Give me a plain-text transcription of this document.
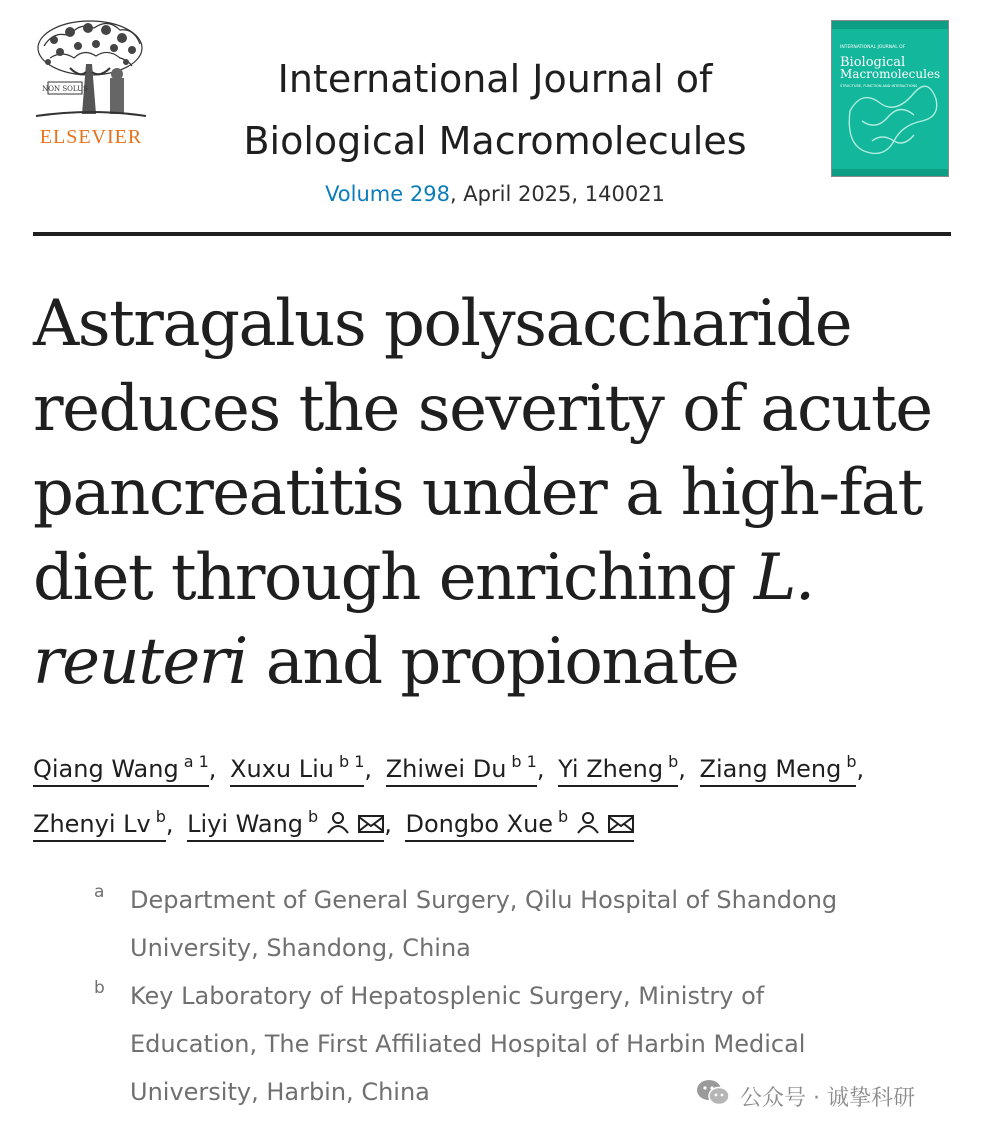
NON SOLUS
ELSEVIER
International Journal of
Biological Macromolecules
Volume 298, April 2025, 140021
INTERNATIONAL JOURNAL OF
Biological
Macromolecules
STRUCTURE, FUNCTION AND INTERACTIONS
Astragalus polysaccharide
reduces the severity of acute
pancreatitis under a high-fat
diet through enriching L.
reuteri and propionate
Qiang Wang $^{a 1}$, Xuxu Liu $^{b 1}$, Zhiwei Du $^{b 1}$, Yi Zheng $^b$, Ziang Meng $^b$,
Zhenyi Lv $^b$, Liyi Wang $^b$	, Dongbo Xue $^b$
a Department of General Surgery, Qilu Hospital of Shandong
University, Shandong, China
b Key Laboratory of Hepatosplenic Surgery, Ministry of
Education, The First Affiliated Hospital of Harbin Medical
University, Harbin, China	公众号 · 诚挚科研
